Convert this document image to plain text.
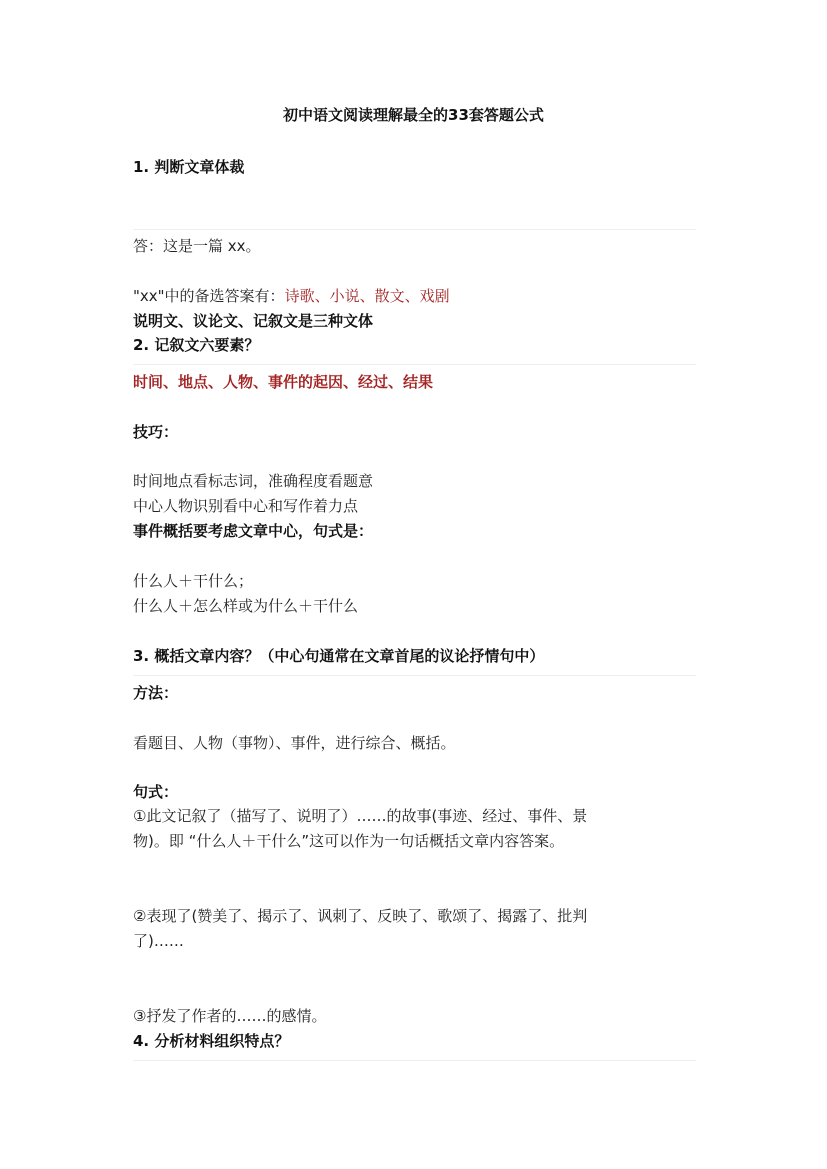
初中语文阅读理解最全的33套答题公式
1. 判断文章体裁
答：这是一篇 xx。
"xx"中的备选答案有：诗歌、小说、散文、戏剧
说明文、议论文、记叙文是三种文体
2. 记叙文六要素？
时间、地点、人物、事件的起因、经过、结果
技巧：
时间地点看标志词，准确程度看题意
中心人物识别看中心和写作着力点
事件概括要考虑文章中心，句式是：
什么人＋干什么；
什么人＋怎么样或为什么＋干什么
3. 概括文章内容？（中心句通常在文章首尾的议论抒情句中）
方法：
看题目、人物（事物）、事件，进行综合、概括。
句式：
①此文记叙了（描写了、说明了）……的故事(事迹、经过、事件、景
物)。即 “什么人＋干什么”这可以作为一句话概括文章内容答案。
②表现了(赞美了、揭示了、讽刺了、反映了、歌颂了、揭露了、批判
了)……
③抒发了作者的……的感情。
4. 分析材料组织特点？
